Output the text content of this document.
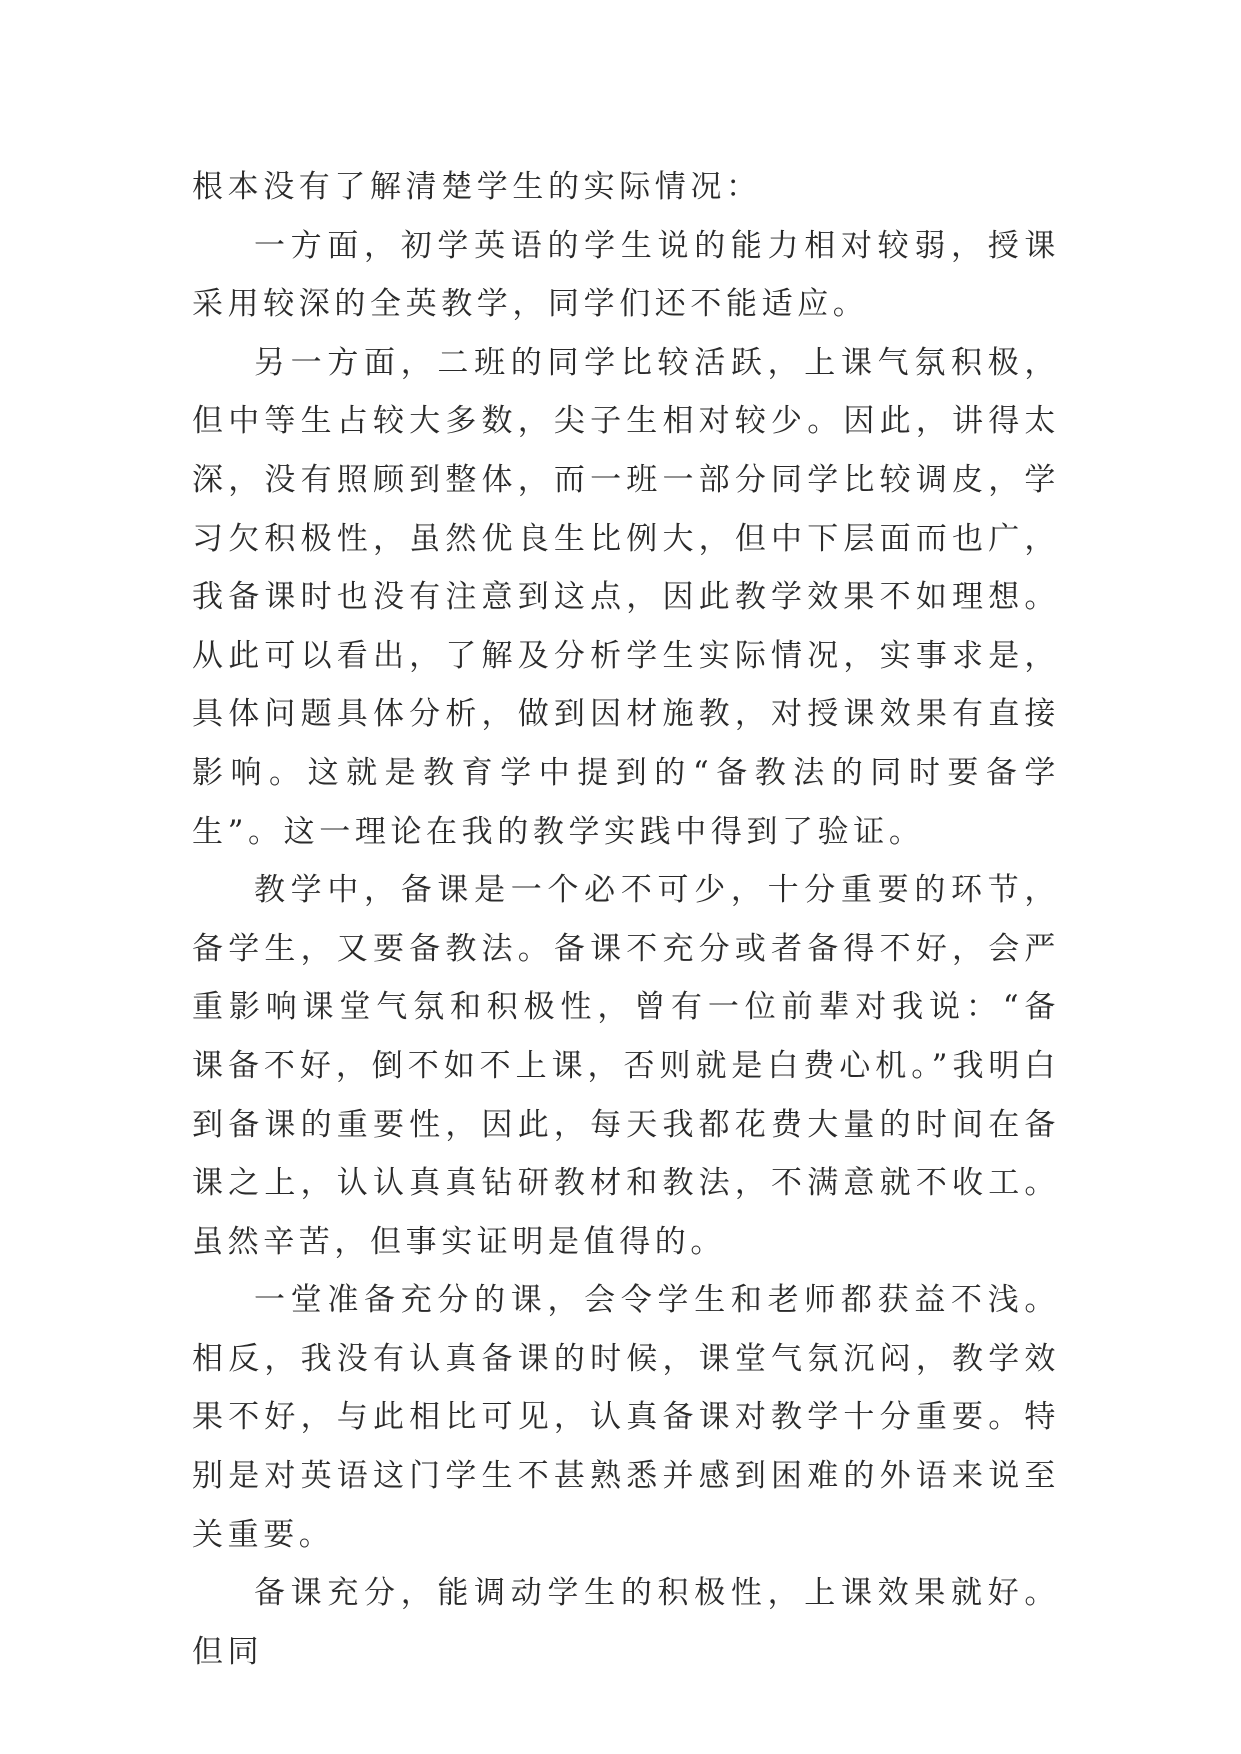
根本没有了解清楚学生的实际情况：

一方面，初学英语的学生说的能力相对较弱，授课采用较深的全英教学，同学们还不能适应。

另一方面，二班的同学比较活跃，上课气氛积极，但中等生占较大多数，尖子生相对较少。因此，讲得太深，没有照顾到整体，而一班一部分同学比较调皮，学习欠积极性，虽然优良生比例大，但中下层面而也广，我备课时也没有注意到这点，因此教学效果不如理想。从此可以看出，了解及分析学生实际情况，实事求是，具体问题具体分析，做到因材施教，对授课效果有直接影响。这就是教育学中提到的“备教法的同时要备学生”。这一理论在我的教学实践中得到了验证。

教学中，备课是一个必不可少，十分重要的环节，备学生，又要备教法。备课不充分或者备得不好，会严重影响课堂气氛和积极性，曾有一位前辈对我说：“备课备不好，倒不如不上课，否则就是白费心机。”我明白到备课的重要性，因此，每天我都花费大量的时间在备课之上，认认真真钻研教材和教法，不满意就不收工。虽然辛苦，但事实证明是值得的。

一堂准备充分的课，会令学生和老师都获益不浅。相反，我没有认真备课的时候，课堂气氛沉闷，教学效果不好，与此相比可见，认真备课对教学十分重要。特别是对英语这门学生不甚熟悉并感到困难的外语来说至关重要。

备课充分，能调动学生的积极性，上课效果就好。但同
